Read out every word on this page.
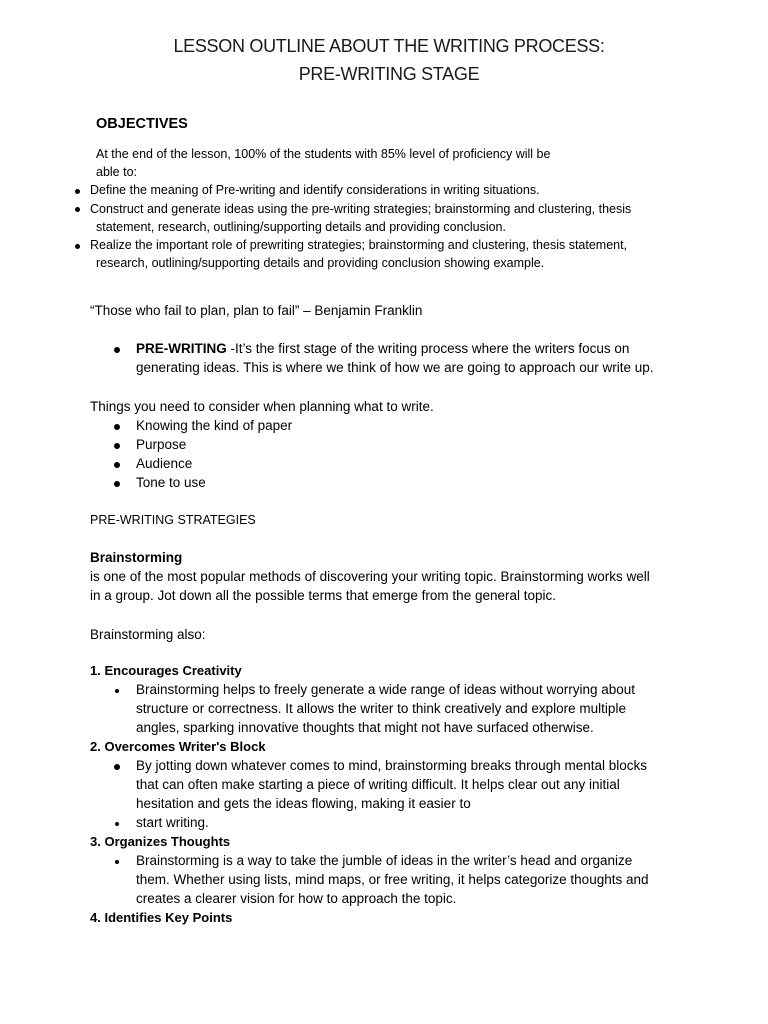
LESSON OUTLINE ABOUT THE WRITING PROCESS:
PRE-WRITING STAGE
OBJECTIVES
At the end of the lesson, 100% of the students with 85% level of proficiency will be
able to:
Define the meaning of Pre-writing and identify considerations in writing situations.
Construct and generate ideas using the pre-writing strategies; brainstorming and clustering, thesis
statement, research, outlining/supporting details and providing conclusion.
Realize the important role of prewriting strategies; brainstorming and clustering, thesis statement,
research, outlining/supporting details and providing conclusion showing example.
“Those who fail to plan, plan to fail” – Benjamin Franklin
PRE-WRITING -It’s the first stage of the writing process where the writers focus on
generating ideas. This is where we think of how we are going to approach our write up.
Things you need to consider when planning what to write.
Knowing the kind of paper
Purpose
Audience
Tone to use
PRE-WRITING STRATEGIES
Brainstorming
is one of the most popular methods of discovering your writing topic. Brainstorming works well
in a group. Jot down all the possible terms that emerge from the general topic.
Brainstorming also:
1. Encourages Creativity
Brainstorming helps to freely generate a wide range of ideas without worrying about
structure or correctness. It allows the writer to think creatively and explore multiple
angles, sparking innovative thoughts that might not have surfaced otherwise.
2. Overcomes Writer's Block
By jotting down whatever comes to mind, brainstorming breaks through mental blocks
that can often make starting a piece of writing difficult. It helps clear out any initial
hesitation and gets the ideas flowing, making it easier to
start writing.
3. Organizes Thoughts
Brainstorming is a way to take the jumble of ideas in the writer’s head and organize
them. Whether using lists, mind maps, or free writing, it helps categorize thoughts and
creates a clearer vision for how to approach the topic.
4. Identifies Key Points
